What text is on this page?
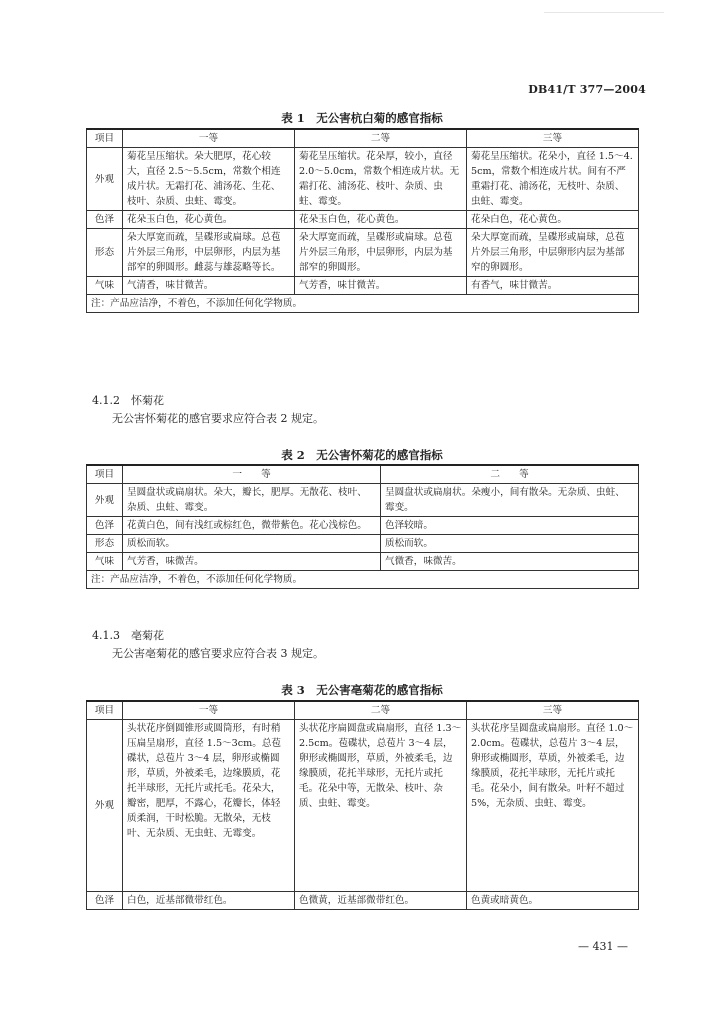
DB41/T 377—2004
表 1　无公害杭白菊的感官指标
项目	一等	二等	三等
外观	菊花呈压缩状。朵大肥厚，花心较大，直径 2.5～5.5cm，常数个相连成片状。无霜打花、浦汤花、生花、枝叶、杂质、虫蛀、霉变。	菊花呈压缩状。花朵厚，较小，直径 2.0～5.0cm，常数个相连成片状。无霜打花、浦汤花、枝叶、杂质、虫蛀、霉变。	菊花呈压缩状。花朵小，直径 1.5～4.5cm，常数个相连成片状。间有不严重霜打花、浦汤花，无枝叶、杂质、虫蛀、霉变。
色泽	花朵玉白色，花心黄色。	花朵玉白色，花心黄色。	花朵白色，花心黄色。
形态	朵大厚宽而疏，呈碟形或扁球。总苞片外层三角形，中层卵形，内层为基部窄的卵圆形。雌蕊与雄蕊略等长。	朵大厚宽而疏，呈碟形或扁球。总苞片外层三角形，中层卵形，内层为基部窄的卵圆形。	朵大厚宽而疏，呈碟形或扁球，总苞片外层三角形，中层卵形内层为基部窄的卵圆形。
气味	气清香，味甘微苦。	气芳香，味甘微苦。	有香气，味甘微苦。
注：产品应洁净，不着色，不添加任何化学物质。			
4.1.2　怀菊花
无公害怀菊花的感官要求应符合表 2 规定。
表 2　无公害怀菊花的感官指标
项目	一　　等	二　　等
外观	呈圆盘状或扁扇状。朵大，瓣长，肥厚。无散花、枝叶、杂质、虫蛀、霉变。	呈圆盘状或扁扇状。朵瘦小，间有散朵。无杂质、虫蛀、霉变。
色泽	花黄白色，间有浅红或棕红色，微带紫色。花心浅棕色。	色泽较暗。
形态	质松而软。	质松而软。
气味	气芳香，味微苦。	气微香，味微苦。
注：产品应洁净，不着色，不添加任何化学物质。		
4.1.3　亳菊花
无公害亳菊花的感官要求应符合表 3 规定。
表 3　无公害亳菊花的感官指标
项目	一等	二等	三等
外观	头状花序倒圆锥形或圆筒形，有时稍压扁呈扇形，直径 1.5～3cm。总苞碟状，总苞片 3～4 层，卵形或椭圆形，草质，外被柔毛，边缘膜质，花托半球形，无托片或托毛。花朵大，瓣密，肥厚，不露心，花瓣长，体轻质柔润，干时松脆。无散朵，无枝叶、无杂质、无虫蛀、无霉变。	头状花序扁圆盘或扁扇形，直径 1.3～2.5cm。苞碟状，总苞片 3～4 层，卵形或椭圆形，草质，外被柔毛，边缘膜质，花托半球形，无托片或托毛。花朵中等，无散朵、枝叶、杂质、虫蛀、霉变。	头状花序呈圆盘或扁扇形。直径 1.0～2.0cm。苞碟状，总苞片 3～4 层，卵形或椭圆形，草质，外被柔毛，边缘膜质，花托半球形，无托片或托毛。花朵小，间有散朵。叶籽不超过 5%，无杂质、虫蛀、霉变。
色泽	白色，近基部微带红色。	色微黄，近基部微带红色。	色黄或暗黄色。
— 431 —
